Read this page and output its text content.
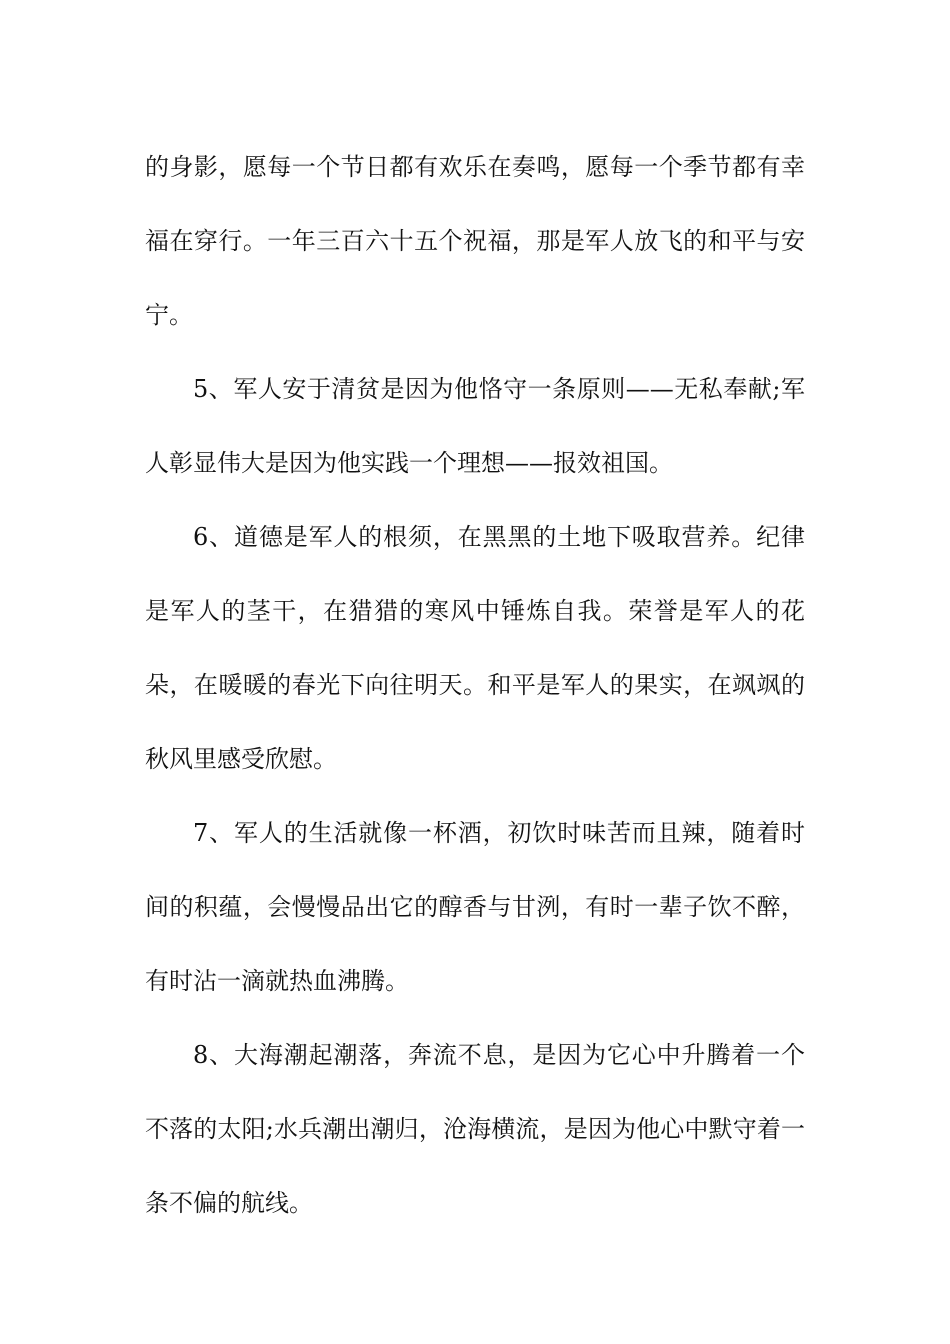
的身影，愿每一个节日都有欢乐在奏鸣，愿每一个季节都有幸福在穿行。一年三百六十五个祝福，那是军人放飞的和平与安宁。

5、军人安于清贫是因为他恪守一条原则——无私奉献;军人彰显伟大是因为他实践一个理想——报效祖国。

6、道德是军人的根须，在黑黑的土地下吸取营养。纪律是军人的茎干，在猎猎的寒风中锤炼自我。荣誉是军人的花朵，在暖暖的春光下向往明天。和平是军人的果实，在飒飒的秋风里感受欣慰。

7、军人的生活就像一杯酒，初饮时味苦而且辣，随着时间的积蕴，会慢慢品出它的醇香与甘洌，有时一辈子饮不醉，有时沾一滴就热血沸腾。

8、大海潮起潮落，奔流不息，是因为它心中升腾着一个不落的太阳;水兵潮出潮归，沧海横流，是因为他心中默守着一条不偏的航线。
